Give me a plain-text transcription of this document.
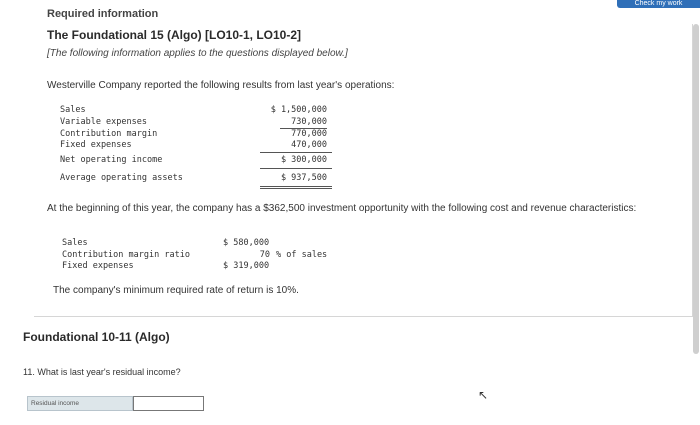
Check my work
Required information
The Foundational 15 (Algo) [LO10-1, LO10-2]
[The following information applies to the questions displayed below.]
Westerville Company reported the following results from last year's operations:
Sales	$ 1,500,000
Variable expenses	730,000
Contribution margin	770,000
Fixed expenses	470,000
Net operating income	$ 300,000
Average operating assets	$ 937,500
At the beginning of this year, the company has a $362,500 investment opportunity with the following cost and revenue characteristics:
Sales	$ 580,000
Contribution margin ratio	70 % of sales
Fixed expenses	$ 319,000
The company's minimum required rate of return is 10%.
Foundational 10-11 (Algo)
11. What is last year's residual income?
Residual income
↖
